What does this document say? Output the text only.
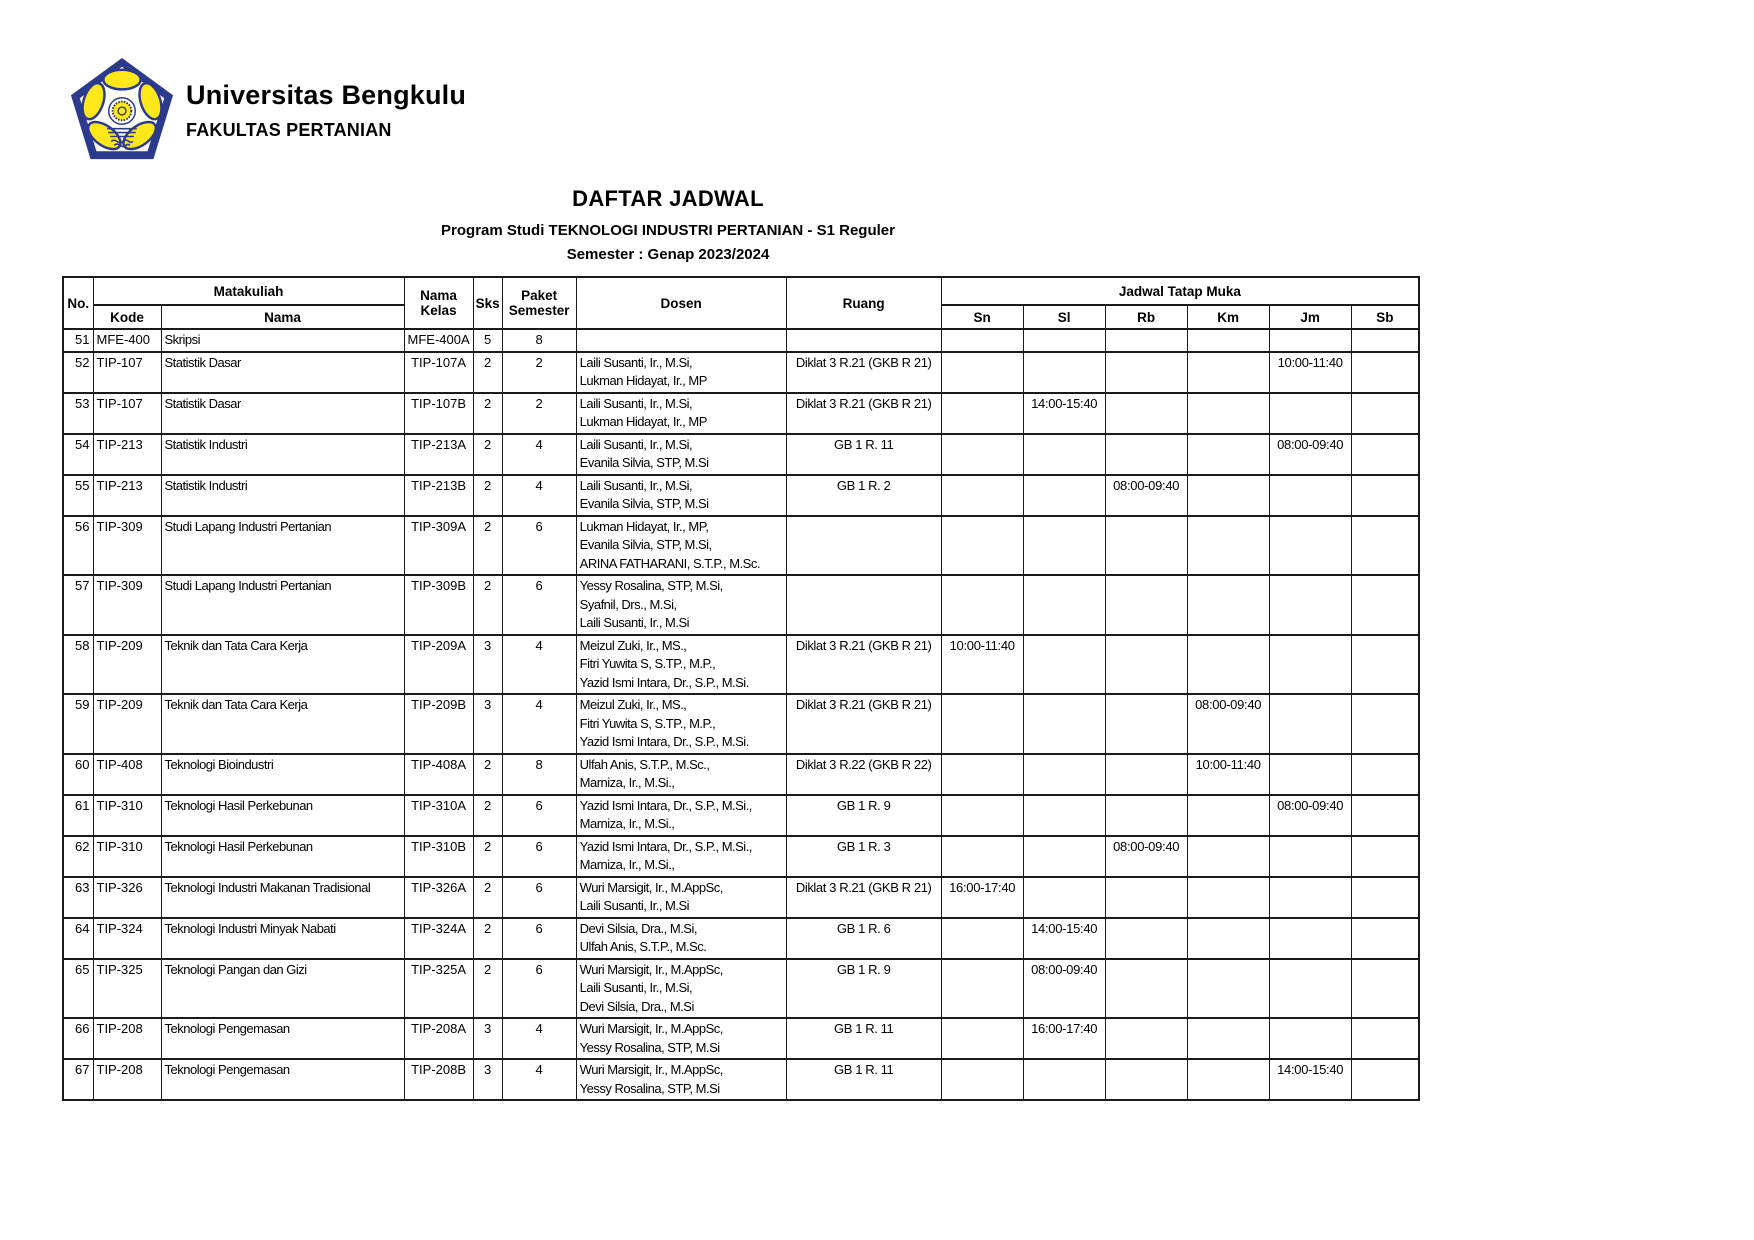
Universitas Bengkulu
FAKULTAS PERTANIAN
DAFTAR JADWAL
Program Studi TEKNOLOGI INDUSTRI PERTANIAN - S1 Reguler
Semester : Genap 2023/2024
No.	Matakuliah		Nama Kelas	Sks	Paket Semester	Dosen	Ruang	Jadwal Tatap Muka					
	Kode	Nama						Sn	Sl	Rb	Km	Jm	Sb
51	MFE-400	Skripsi	MFE-400A	5	8								
52	TIP-107	Statistik Dasar	TIP-107A	2	2	Laili Susanti, Ir., M.Si,
Lukman Hidayat, Ir., MP	Diklat 3 R.21 (GKB R 21)					10:00-11:40	
53	TIP-107	Statistik Dasar	TIP-107B	2	2	Laili Susanti, Ir., M.Si,
Lukman Hidayat, Ir., MP	Diklat 3 R.21 (GKB R 21)		14:00-15:40				
54	TIP-213	Statistik Industri	TIP-213A	2	4	Laili Susanti, Ir., M.Si,
Evanila Silvia, STP, M.Si	GB 1 R. 11					08:00-09:40	
55	TIP-213	Statistik Industri	TIP-213B	2	4	Laili Susanti, Ir., M.Si,
Evanila Silvia, STP, M.Si	GB 1 R. 2			08:00-09:40			
56	TIP-309	Studi Lapang Industri Pertanian	TIP-309A	2	6	Lukman Hidayat, Ir., MP,
Evanila Silvia, STP, M.Si,
ARINA FATHARANI, S.T.P., M.Sc.							

57	TIP-309	Studi Lapang Industri Pertanian	TIP-309B	2	6	Yessy Rosalina, STP, M.Si,
Syafnil, Drs., M.Si,
Laili Susanti, Ir., M.Si							

58	TIP-209	Teknik dan Tata Cara Kerja	TIP-209A	3	4	Meizul Zuki, Ir., MS.,
Fitri Yuwita S, S.TP., M.P.,
Yazid Ismi Intara, Dr., S.P., M.Si.	Diklat 3 R.21 (GKB R 21)	10:00-11:40					
59	TIP-209	Teknik dan Tata Cara Kerja	TIP-209B	3	4	Meizul Zuki, Ir., MS.,
Fitri Yuwita S, S.TP., M.P.,
Yazid Ismi Intara, Dr., S.P., M.Si.	Diklat 3 R.21 (GKB R 21)				08:00-09:40		
60	TIP-408	Teknologi Bioindustri	TIP-408A	2	8	Ulfah Anis, S.T.P., M.Sc.,
Marniza, Ir., M.Si.,	Diklat 3 R.22 (GKB R 22)				10:00-11:40		
61	TIP-310	Teknologi Hasil Perkebunan	TIP-310A	2	6	Yazid Ismi Intara, Dr., S.P., M.Si.,
Marniza, Ir., M.Si.,	GB 1 R. 9					08:00-09:40	
62	TIP-310	Teknologi Hasil Perkebunan	TIP-310B	2	6	Yazid Ismi Intara, Dr., S.P., M.Si.,
Marniza, Ir., M.Si.,	GB 1 R. 3			08:00-09:40			
63	TIP-326	Teknologi Industri Makanan Tradisional	TIP-326A	2	6	Wuri Marsigit, Ir., M.AppSc,
Laili Susanti, Ir., M.Si	Diklat 3 R.21 (GKB R 21)	16:00-17:40					
64	TIP-324	Teknologi Industri Minyak Nabati	TIP-324A	2	6	Devi Silsia, Dra., M.Si,
Ulfah Anis, S.T.P., M.Sc.	GB 1 R. 6		14:00-15:40				
65	TIP-325	Teknologi Pangan dan Gizi	TIP-325A	2	6	Wuri Marsigit, Ir., M.AppSc,
Laili Susanti, Ir., M.Si,
Devi Silsia, Dra., M.Si	GB 1 R. 9		08:00-09:40				
66	TIP-208	Teknologi Pengemasan	TIP-208A	3	4	Wuri Marsigit, Ir., M.AppSc,
Yessy Rosalina, STP, M.Si	GB 1 R. 11		16:00-17:40				
67	TIP-208	Teknologi Pengemasan	TIP-208B	3	4	Wuri Marsigit, Ir., M.AppSc,
Yessy Rosalina, STP, M.Si	GB 1 R. 11					14:00-15:40	
